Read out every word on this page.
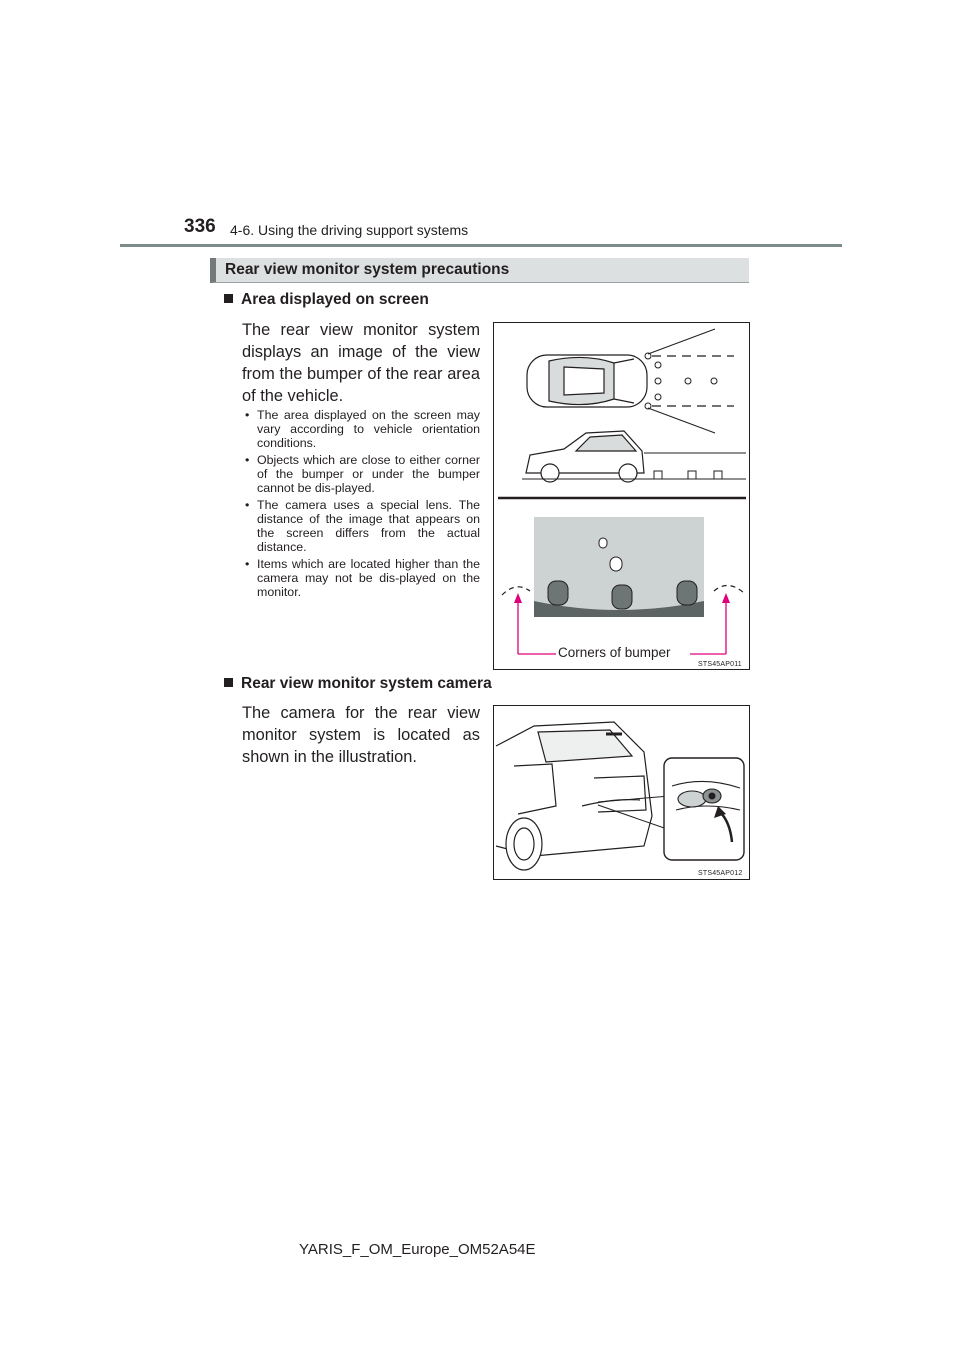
336 4-6. Using the driving support systems
Rear view monitor system precautions
Area displayed on screen

The rear view monitor system displays an image of the view from the bumper of the rear area of the vehicle.

• The area displayed on the screen may vary according to vehicle orientation conditions.
• Objects which are close to either corner of the bumper or under the bumper cannot be dis-played.
• The camera uses a special lens. The distance of the image that appears on the screen differs from the actual distance.
• Items which are located higher than the camera may not be dis-played on the monitor.
Corners of bumper
STS45AP011
Rear view monitor system camera

The camera for the rear view monitor system is located as shown in the illustration.

STS45AP012
YARIS_F_OM_Europe_OM52A54E
